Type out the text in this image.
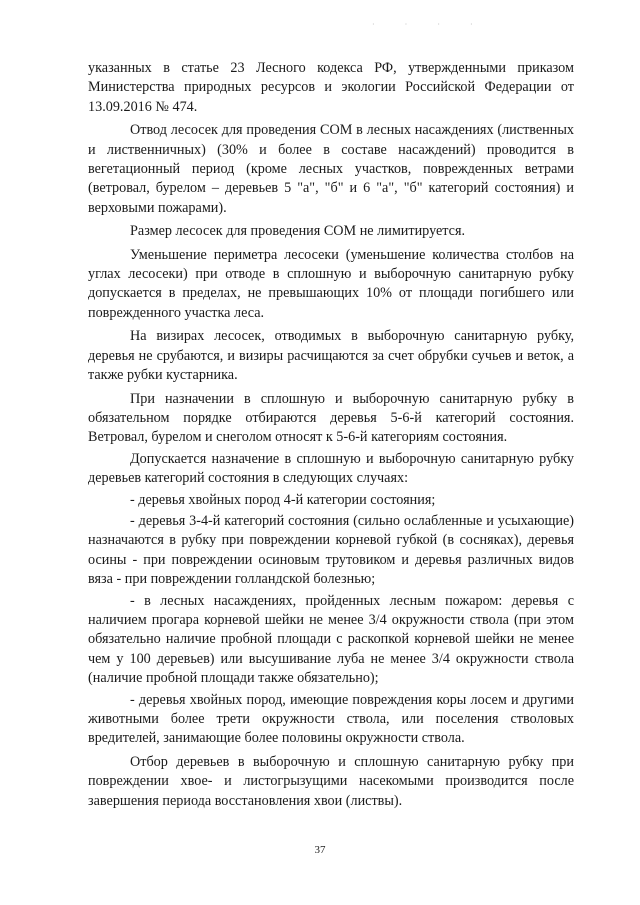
· · · ·

указанных в статье 23 Лесного кодекса РФ, утвержденными приказом Министерства природных ресурсов и экологии Российской Федерации от 13.09.2016 № 474.

Отвод лесосек для проведения СОМ в лесных насаждениях (лиственных и лиственничных) (30% и более в составе насаждений) проводится в вегетационный период (кроме лесных участков, поврежденных ветрами (ветровал, бурелом – деревьев 5 "а", "б" и 6 "а", "б" категорий состояния) и верховыми пожарами).

Размер лесосек для проведения СОМ не лимитируется.

Уменьшение периметра лесосеки (уменьшение количества столбов на углах лесосеки) при отводе в сплошную и выборочную санитарную рубку допускается в пределах, не превышающих 10% от площади погибшего или поврежденного участка леса.

На визирах лесосек, отводимых в выборочную санитарную рубку, деревья не срубаются, и визиры расчищаются за счет обрубки сучьев и веток, а также рубки кустарника.

При назначении в сплошную и выборочную санитарную рубку в обязательном порядке отбираются деревья 5-6-й категорий состояния. Ветровал, бурелом и снеголом относят к 5-6-й категориям состояния.

Допускается назначение в сплошную и выборочную санитарную рубку деревьев категорий состояния в следующих случаях:

- деревья хвойных пород 4-й категории состояния;

- деревья 3-4-й категорий состояния (сильно ослабленные и усыхающие) назначаются в рубку при повреждении корневой губкой (в сосняках), деревья осины - при повреждении осиновым трутовиком и деревья различных видов вяза - при повреждении голландской болезнью;

- в лесных насаждениях, пройденных лесным пожаром: деревья с наличием прогара корневой шейки не менее 3/4 окружности ствола (при этом обязательно наличие пробной площади с раскопкой корневой шейки не менее чем у 100 деревьев) или высушивание луба не менее 3/4 окружности ствола (наличие пробной площади также обязательно);

- деревья хвойных пород, имеющие повреждения коры лосем и другими животными более трети окружности ствола, или поселения стволовых вредителей, занимающие более половины окружности ствола.

Отбор деревьев в выборочную и сплошную санитарную рубку при повреждении хвое- и листогрызущими насекомыми производится после завершения периода восстановления хвои (листвы).

37
